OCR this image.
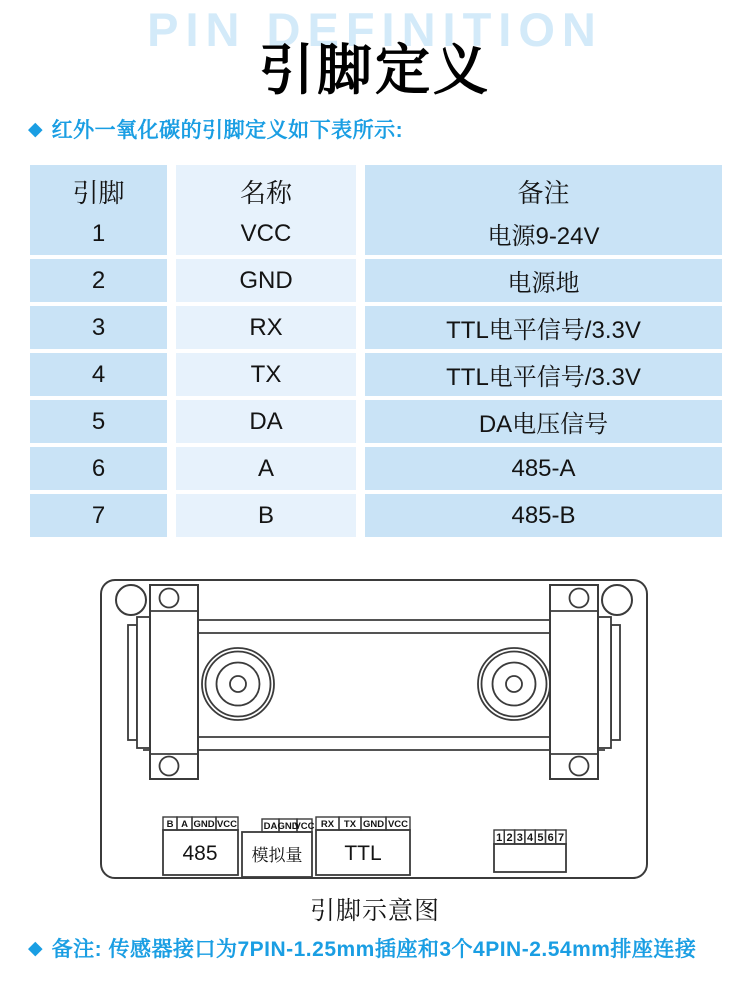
PIN DEFINITION
引脚定义
◆ 红外一氧化碳的引脚定义如下表所示:
引脚	名称	备注
1	VCC	电源9-24V
2	GND	电源地
3	RX	TTL电平信号/3.3V
4	TX	TTL电平信号/3.3V
5	DA	DA电压信号
6	A	485-A
7	B	485-B
B A GND VCC
485
DA GND
VCC
模拟量
RX TX GND VCC
TTL
1 2 3 4 5 6 7
引脚示意图
◆ 备注: 传感器接口为7PIN-1.25mm插座和3个4PIN-2.54mm排座连接
